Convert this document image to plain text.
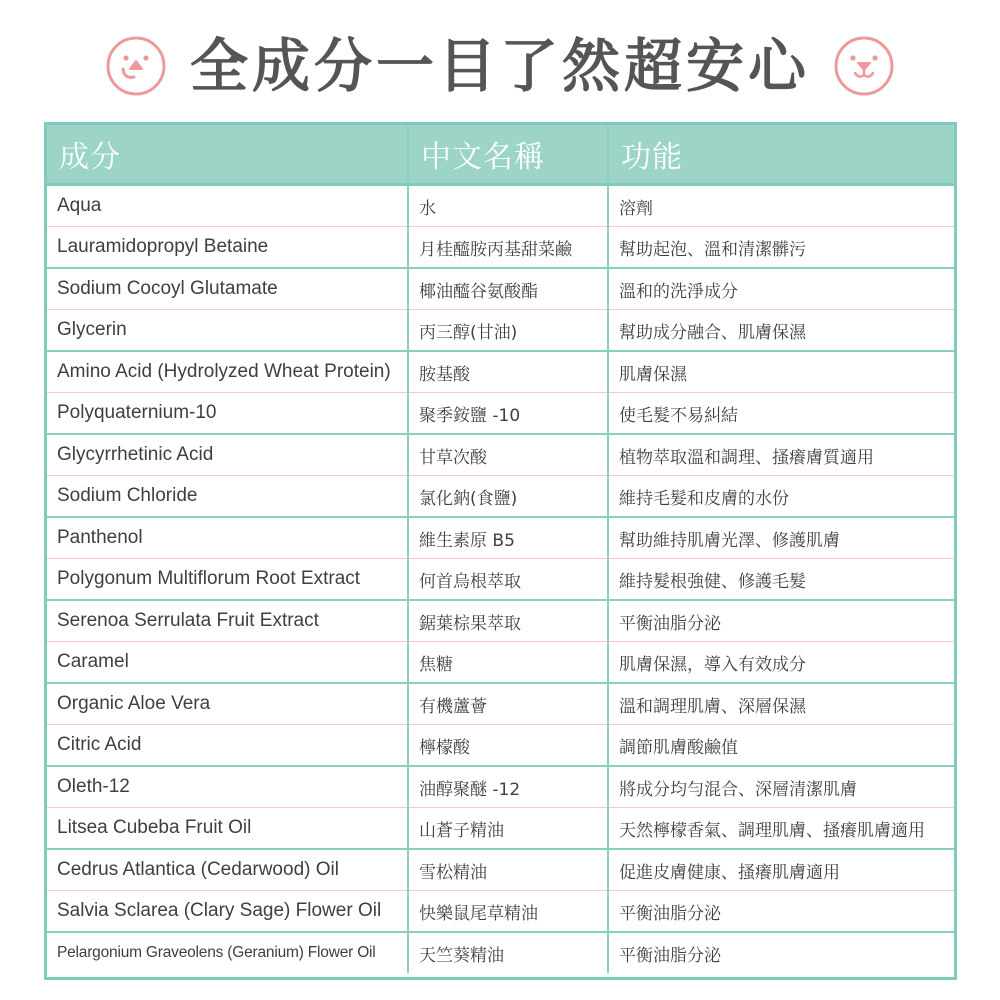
全成分一目了然超安心
成分	中文名稱	功能
Aqua	水	溶劑
Lauramidopropyl Betaine	月桂醯胺丙基甜菜鹼	幫助起泡、溫和清潔髒污
Sodium Cocoyl Glutamate	椰油醯谷氨酸酯	溫和的洗淨成分
Glycerin	丙三醇(甘油)	幫助成分融合、肌膚保濕
Amino Acid (Hydrolyzed Wheat Protein)	胺基酸	肌膚保濕
Polyquaternium-10	聚季銨鹽 -10	使毛髮不易糾結
Glycyrrhetinic Acid	甘草次酸	植物萃取溫和調理、搔癢膚質適用
Sodium Chloride	氯化鈉(食鹽)	維持毛髮和皮膚的水份
Panthenol	維生素原 B5	幫助維持肌膚光澤、修護肌膚
Polygonum Multiflorum Root Extract	何首烏根萃取	維持髮根強健、修護毛髮
Serenoa Serrulata Fruit Extract	鋸葉棕果萃取	平衡油脂分泌
Caramel	焦糖	肌膚保濕，導入有效成分
Organic Aloe Vera	有機蘆薈	溫和調理肌膚、深層保濕
Citric Acid	檸檬酸	調節肌膚酸鹼值
Oleth-12	油醇聚醚 -12	將成分均勻混合、深層清潔肌膚
Litsea Cubeba Fruit Oil	山蒼子精油	天然檸檬香氣、調理肌膚、搔癢肌膚適用
Cedrus Atlantica (Cedarwood) Oil	雪松精油	促進皮膚健康、搔癢肌膚適用
Salvia Sclarea (Clary Sage) Flower Oil	快樂鼠尾草精油	平衡油脂分泌
Pelargonium Graveolens (Geranium) Flower Oil	天竺葵精油	平衡油脂分泌
